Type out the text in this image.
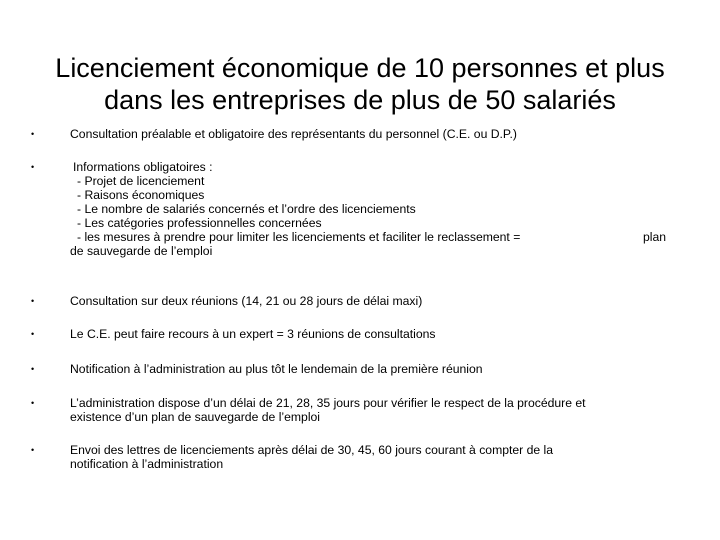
Licenciement économique de 10 personnes et plus
dans les entreprises de plus de 50 salariés
•	Consultation préalable et obligatoire des représentants du personnel (C.E. ou D.P.)
•	Informations obligatoires :
- Projet de licenciement
- Raisons économiques
- Le nombre de salariés concernés et l’ordre des licenciements
- Les catégories professionnelles concernées
- les mesures à prendre pour limiter les licenciements et faciliter le reclassement =	plan
de sauvegarde de l’emploi
•	Consultation sur deux réunions (14, 21 ou 28 jours de délai maxi)
•	Le C.E. peut faire recours à un expert = 3 réunions de consultations
•	Notification à l’administration au plus tôt le lendemain de la première réunion
•	L’administration dispose d’un délai de 21, 28, 35 jours pour vérifier le respect de la procédure et
existence d’un plan de sauvegarde de l’emploi
•	Envoi des lettres de licenciements après délai de 30, 45, 60 jours courant à compter de la
notification à l’administration
